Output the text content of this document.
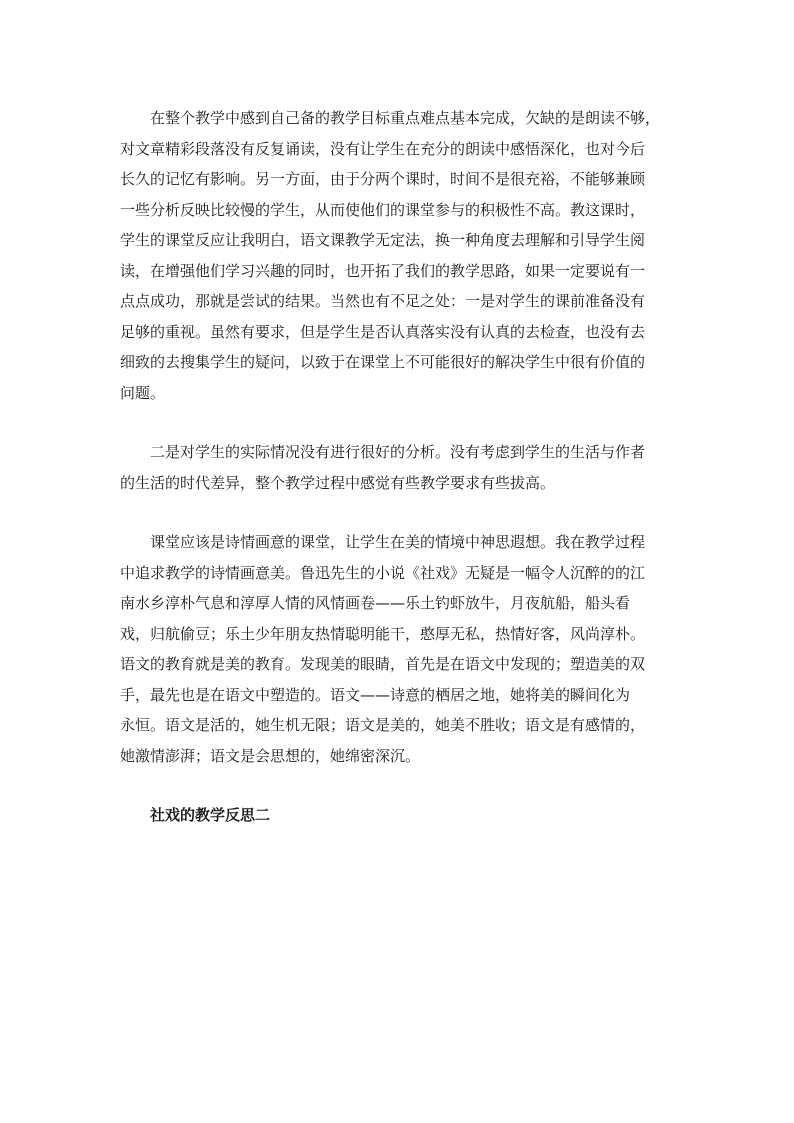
　　在整个教学中感到自己备的教学目标重点难点基本完成，欠缺的是朗读不够，
对文章精彩段落没有反复诵读，没有让学生在充分的朗读中感悟深化，也对今后
长久的记忆有影响。另一方面，由于分两个课时，时间不是很充裕，不能够兼顾
一些分析反映比较慢的学生，从而使他们的课堂参与的积极性不高。教这课时，
学生的课堂反应让我明白，语文课教学无定法，换一种角度去理解和引导学生阅
读，在增强他们学习兴趣的同时，也开拓了我们的教学思路，如果一定要说有一
点点成功，那就是尝试的结果。当然也有不足之处：一是对学生的课前准备没有
足够的重视。虽然有要求，但是学生是否认真落实没有认真的去检查，也没有去
细致的去搜集学生的疑问，以致于在课堂上不可能很好的解决学生中很有价值的
问题。

　　二是对学生的实际情况没有进行很好的分析。没有考虑到学生的生活与作者
的生活的时代差异，整个教学过程中感觉有些教学要求有些拔高。

　　课堂应该是诗情画意的课堂，让学生在美的情境中神思遐想。我在教学过程
中追求教学的诗情画意美。鲁迅先生的小说《社戏》无疑是一幅令人沉醉的的江
南水乡淳朴气息和淳厚人情的风情画卷——乐土钓虾放牛，月夜航船，船头看
戏，归航偷豆；乐土少年朋友热情聪明能干，憨厚无私，热情好客，风尚淳朴。
语文的教育就是美的教育。发现美的眼睛，首先是在语文中发现的；塑造美的双
手，最先也是在语文中塑造的。语文——诗意的栖居之地，她将美的瞬间化为
永恒。语文是活的，她生机无限；语文是美的，她美不胜收；语文是有感情的，
她激情澎湃；语文是会思想的，她绵密深沉。

社戏的教学反思二
